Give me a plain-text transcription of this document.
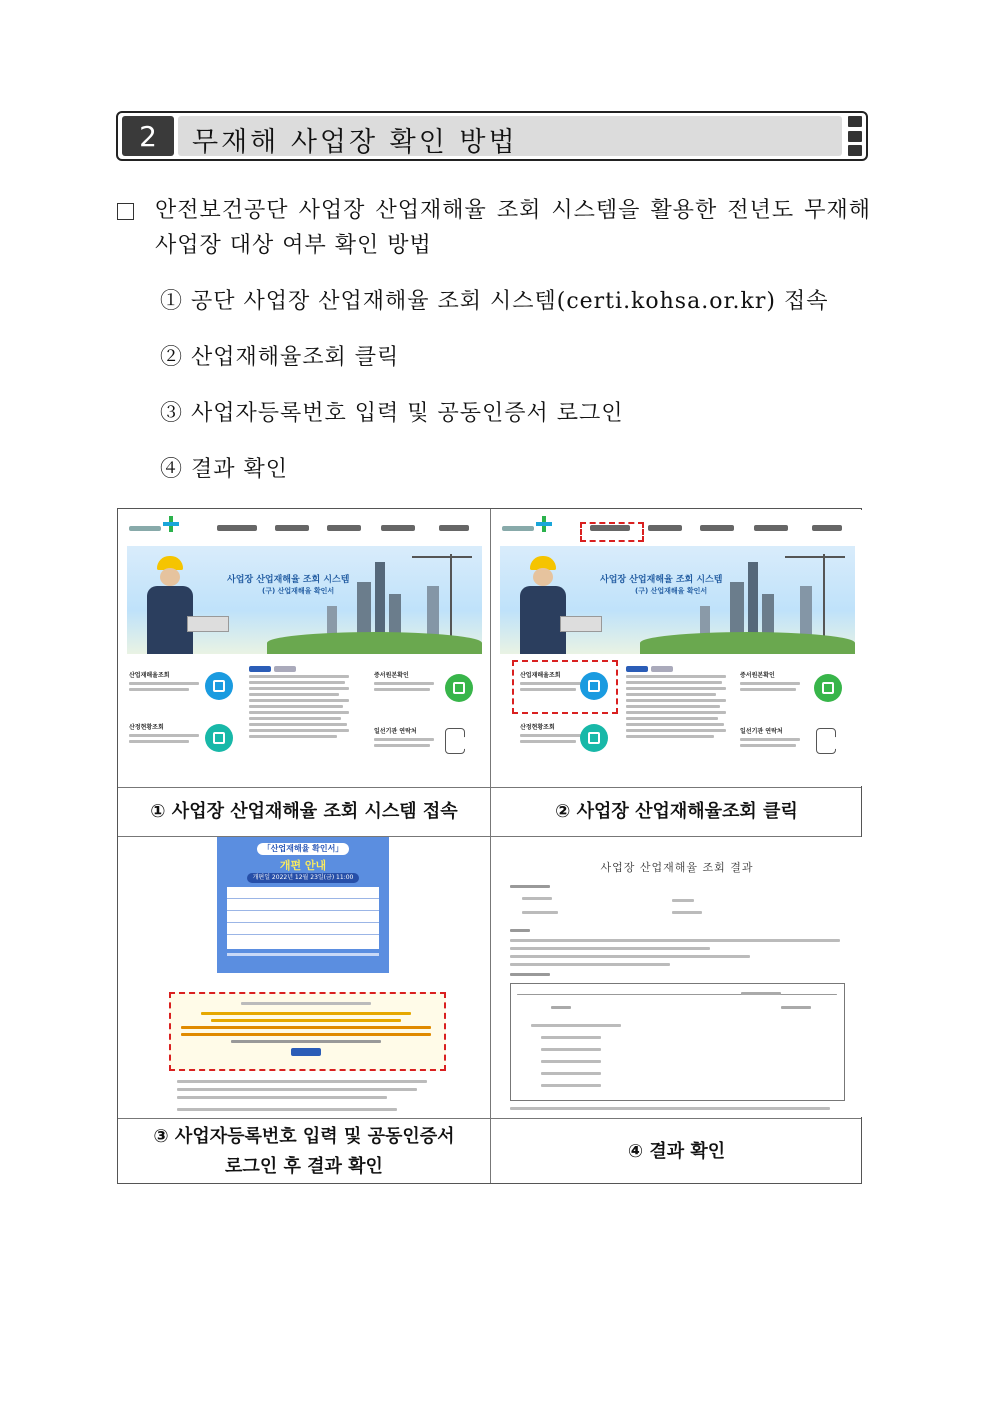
2	무재해 사업장 확인 방법
안전보건공단 사업장 산업재해율 조회 시스템을 활용한 전년도 무재해사업장 대상 여부 확인 방법
① 공단 사업장 산업재해율 조회 시스템(certi.kohsa.or.kr) 접속
② 산업재해율조회 클릭
③ 사업자등록번호 입력 및 공동인증서 로그인
④ 결과 확인
사업장 산업재해율 조회 시스템
(구) 산업재해율 확인서
산업재해율조회
산정현황조회
증서원본확인
일선기관 연락처
사업장 산업재해율 조회 시스템
(구) 산업재해율 확인서
산업재해율조회
산정현황조회
증서원본확인
일선기관 연락처
① 사업장 산업재해율 조회 시스템 접속	② 사업장 산업재해율조회 클릭
「산업재해율 확인서」
개편 안내
개편일 2022년 12월 23일(금) 11:00
사업장 산업재해율 조회 결과
③ 사업자등록번호 입력 및 공동인증서
로그인 후 결과 확인
④ 결과 확인
